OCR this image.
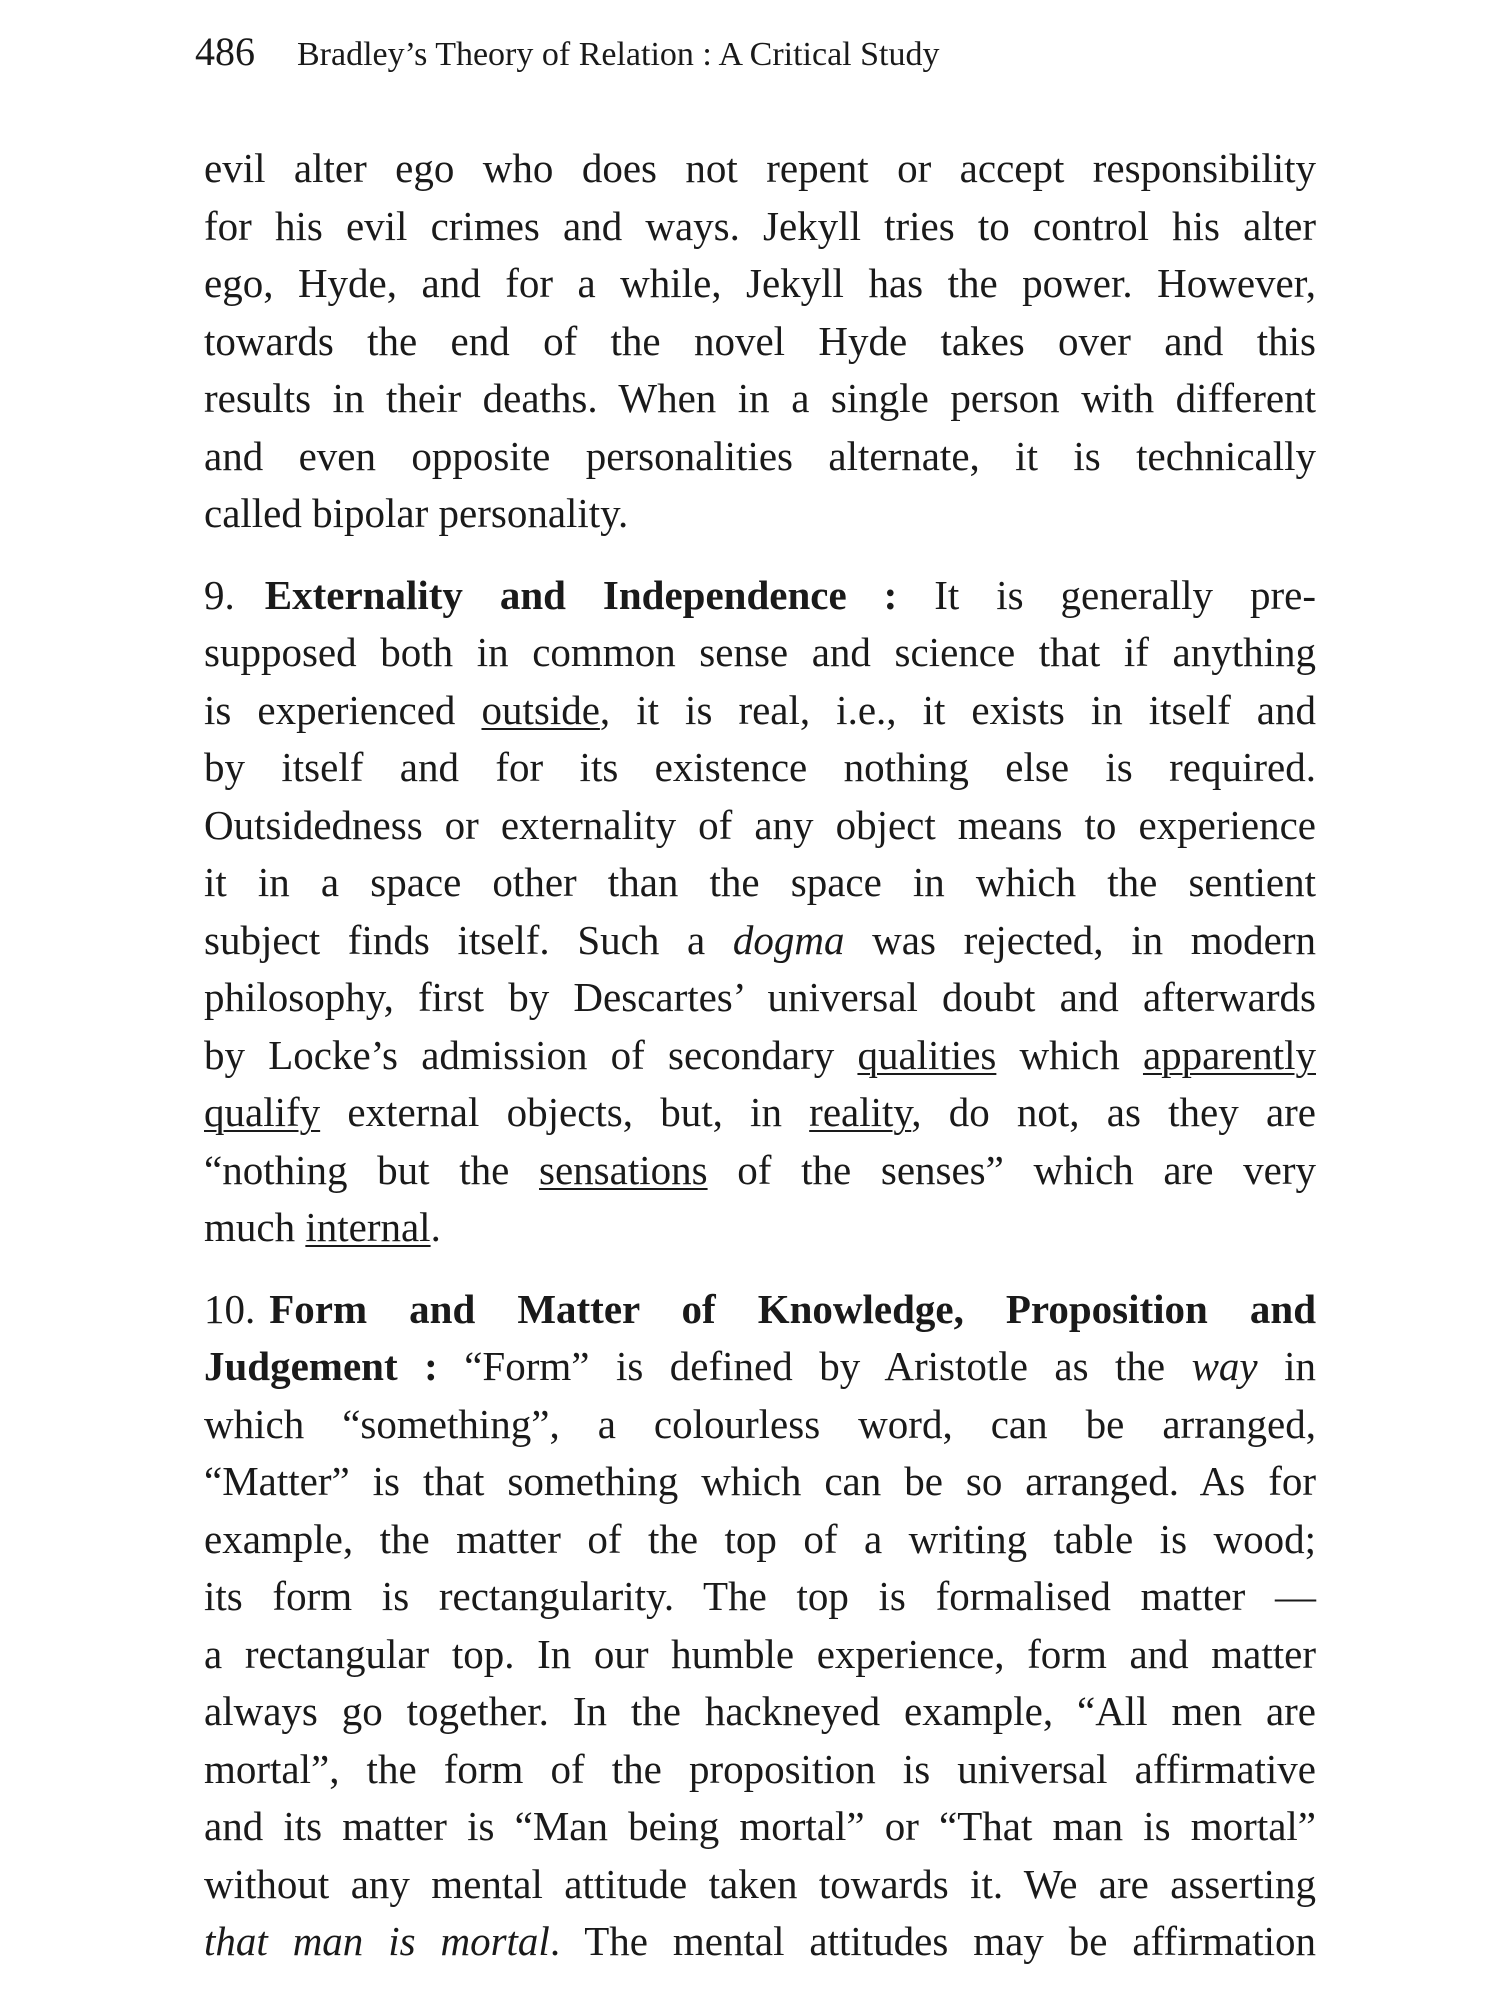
486 Bradley’s Theory of Relation : A Critical Study
evil alter ego who does not repent or accept responsibility
for his evil crimes and ways. Jekyll tries to control his alter
ego, Hyde, and for a while, Jekyll has the power. However,
towards the end of the novel Hyde takes over and this
results in their deaths. When in a single person with different
and even opposite personalities alternate, it is technically
called bipolar personality.
9. Externality and Independence : It is generally pre-
supposed both in common sense and science that if anything
is experienced outside, it is real, i.e., it exists in itself and
by itself and for its existence nothing else is required.
Outsidedness or externality of any object means to experience
it in a space other than the space in which the sentient
subject finds itself. Such a dogma was rejected, in modern
philosophy, first by Descartes’ universal doubt and afterwards
by Locke’s admission of secondary qualities which apparently
qualify external objects, but, in reality, do not, as they are
“nothing but the sensations of the senses” which are very
much internal.
10. Form and Matter of Knowledge, Proposition and
Judgement : “Form” is defined by Aristotle as the way in
which “something”, a colourless word, can be arranged,
“Matter” is that something which can be so arranged. As for
example, the matter of the top of a writing table is wood;
its form is rectangularity. The top is formalised matter —
a rectangular top. In our humble experience, form and matter
always go together. In the hackneyed example, “All men are
mortal”, the form of the proposition is universal affirmative
and its matter is “Man being mortal” or “That man is mortal”
without any mental attitude taken towards it. We are asserting
that man is mortal. The mental attitudes may be affirmation
